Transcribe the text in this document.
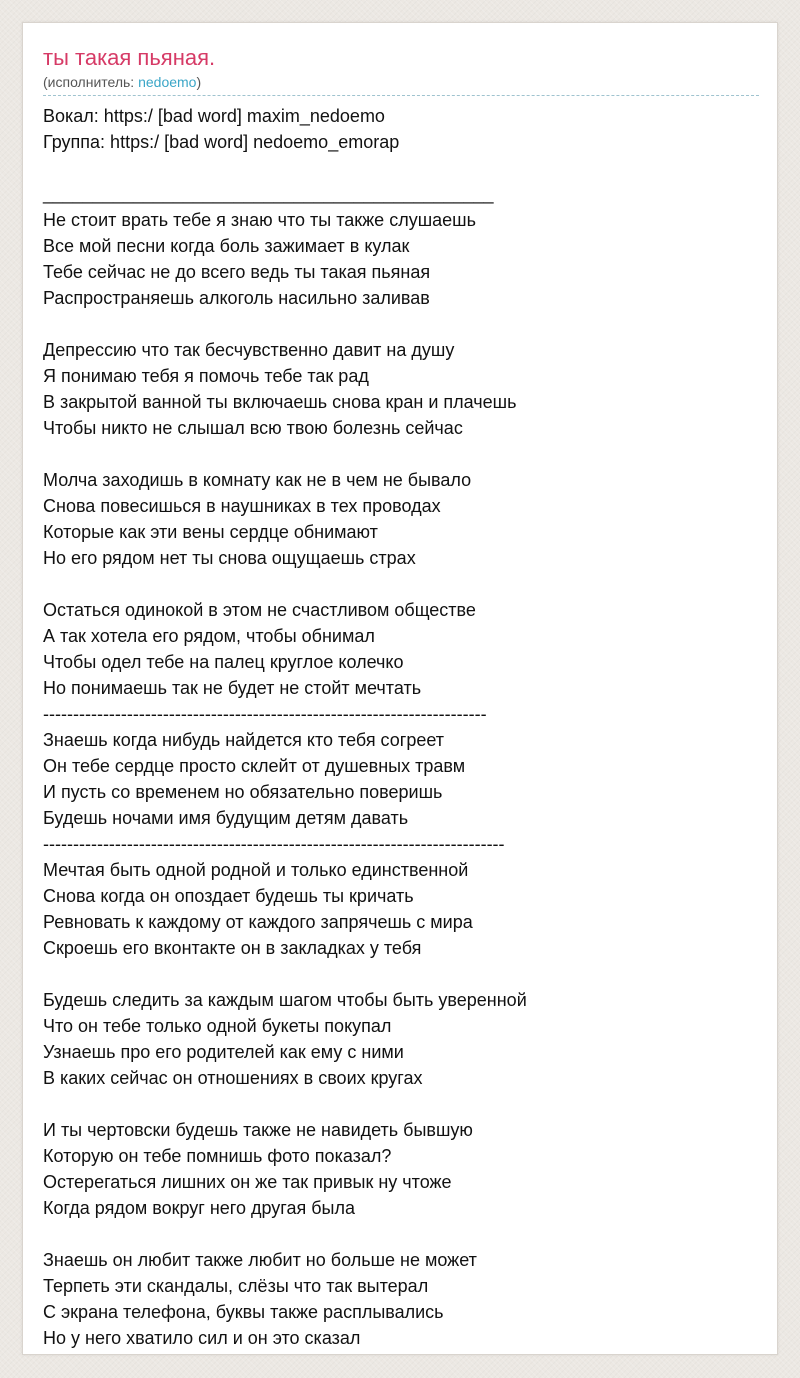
ты такая пьяная.
(исполнитель: nedoemo)
Вокал: https:/ [bad word] maxim_nedoemo
Группа: https:/ [bad word] nedoemo_emorap

_____________________________________________
Не стоит врать тебе я знаю что ты также слушаешь
Все мой песни когда боль зажимает в кулак
Тебе сейчас не до всего ведь ты такая пьяная
Распространяешь алкоголь насильно заливав

Депрессию что так бесчувственно давит на душу
Я понимаю тебя я помочь тебе так рад
В закрытой ванной ты включаешь снова кран и плачешь
Чтобы никто не слышал всю твою болезнь сейчас

Молча заходишь в комнату как не в чем не бывало
Снова повесишься в наушниках в тех проводах
Которые как эти вены сердце обнимают
Но его рядом нет ты снова ощущаешь страх

Остаться одинокой в этом не счастливом обществе
А так хотела его рядом, чтобы обнимал
Чтобы одел тебе на палец круглое колечко
Но понимаешь так не будет не стойт мечтать
--------------------------------------------------------------------------
Знаешь когда нибудь найдется кто тебя согреет
Он тебе сердце просто склейт от душевных травм
И пусть со временем но обязательно поверишь
Будешь ночами имя будущим детям давать
-----------------------------------------------------------------------------
Мечтая быть одной родной и только единственной
Снова когда он опоздает будешь ты кричать
Ревновать к каждому от каждого запрячешь с мира
Скроешь его вконтакте он в закладках у тебя

Будешь следить за каждым шагом чтобы быть уверенной
Что он тебе только одной букеты покупал
Узнаешь про его родителей как ему с ними
В каких сейчас он отношениях в своих кругах

И ты чертовски будешь также не навидеть бывшую
Которую он тебе помнишь фото показал?
Остерегаться лишних он же так привык ну чтоже
Когда рядом вокруг него другая была

Знаешь он любит также любит но больше не может
Терпеть эти скандалы, слёзы что так вытерал
С экрана телефона, буквы также расплывались
Но у него хватило сил и он это сказал
